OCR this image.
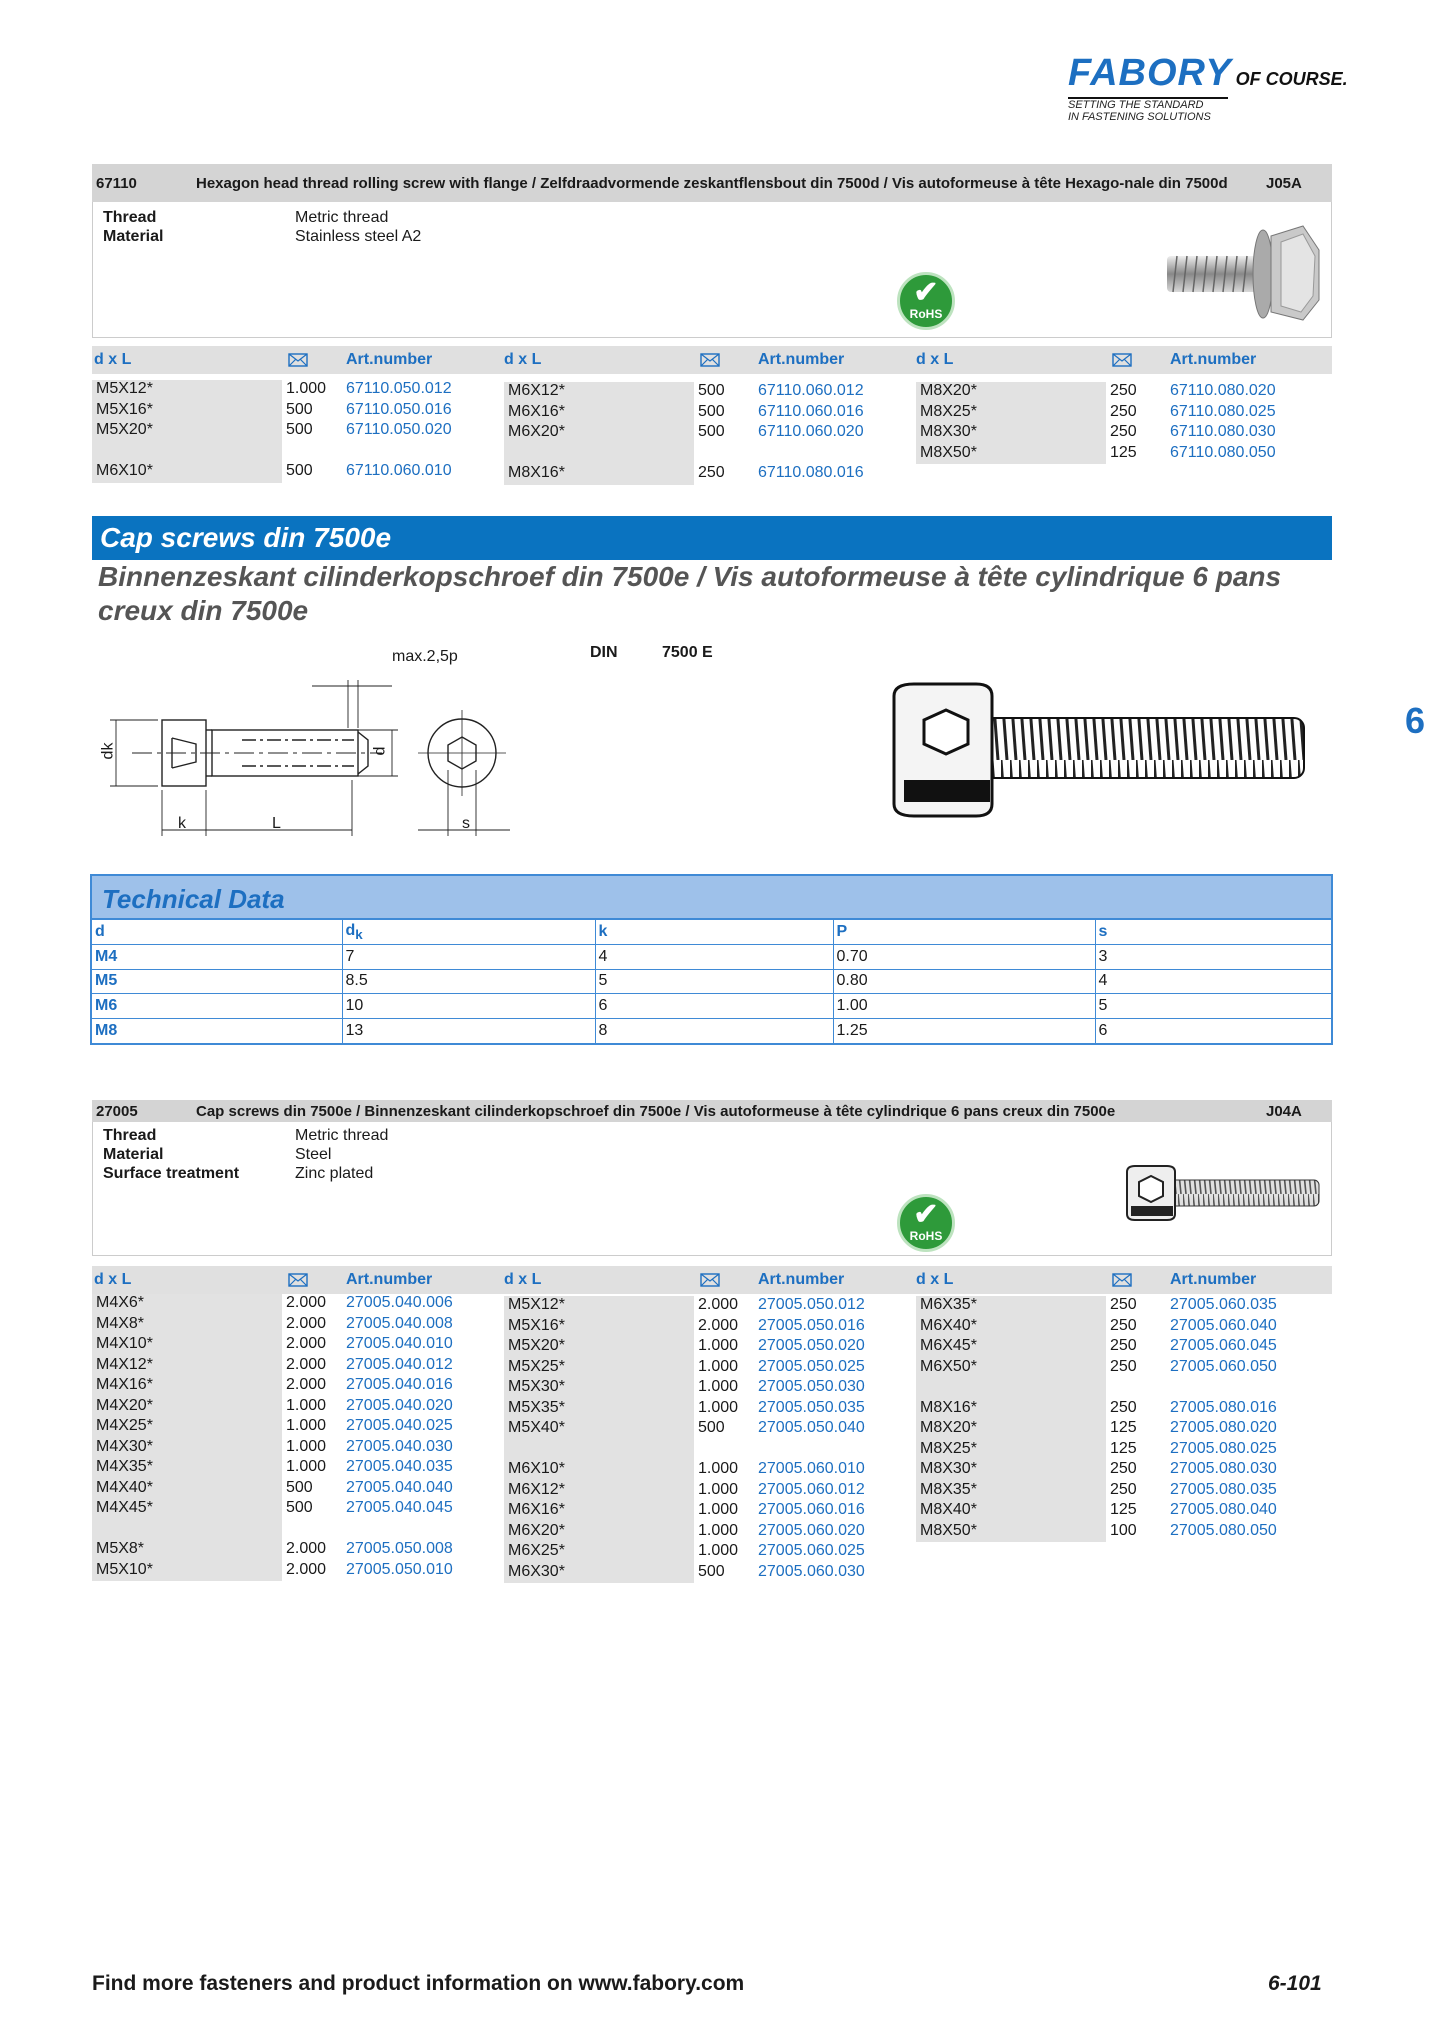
FABORY OF COURSE.
SETTING THE STANDARD
IN FASTENING SOLUTIONS
6
67110	Hexagon head thread rolling screw with flange / Zelfdraadvormende zeskantflensbout din 7500d / Vis autoformeuse à tête Hexago-nale din 7500d	J05A
Thread	Metric thread
Material	Stainless steel A2
✔
RoHS
d x L	Art.number	d x L	Art.number	d x L	Art.number
M5X12*	1.000 67110.050.012
M5X16*	500 67110.050.016
M5X20*	500 67110.050.020
M6X10*	500 67110.060.010
M6X12*	500 67110.060.012
M6X16*	500 67110.060.016
M6X20*	500 67110.060.020
M8X16*	250 67110.080.016
M8X20*	250 67110.080.020
M8X25*	250 67110.080.025
M8X30*	250 67110.080.030
M8X50*	125 67110.080.050
Cap screws din 7500e
Binnenzeskant cilinderkopschroef din 7500e / Vis autoformeuse à tête cylindrique 6 pans creux din 7500e
DIN	7500 E
max.2,5p
dk	d
k	L	s
Technical Data
d	$d_k$	k	P	s
M4	7	4	0.70	3
M5	8.5	5	0.80	4
M6	10	6	1.00	5
M8	13	8	1.25	6
27005	Cap screws din 7500e / Binnenzeskant cilinderkopschroef din 7500e / Vis autoformeuse à tête cylindrique 6 pans creux din 7500e	J04A
Thread	Metric thread
Material	Steel
Surface treatment	Zinc plated
✔
RoHS
d x L	Art.number	d x L	Art.number	d x L	Art.number
M4X6*	2.000 27005.040.006
M4X8*	2.000 27005.040.008
M4X10*	2.000 27005.040.010
M4X12*	2.000 27005.040.012
M4X16*	2.000 27005.040.016
M4X20*	1.000 27005.040.020
M4X25*	1.000 27005.040.025
M4X30*	1.000 27005.040.030
M4X35*	1.000 27005.040.035
M4X40*	500 27005.040.040
M4X45*	500 27005.040.045
M5X8*	2.000 27005.050.008
M5X10*	2.000 27005.050.010
M5X12*	2.000 27005.050.012
M5X16*	2.000 27005.050.016
M5X20*	1.000 27005.050.020
M5X25*	1.000 27005.050.025
M5X30*	1.000 27005.050.030
M5X35*	1.000 27005.050.035
M5X40*	500 27005.050.040
M6X10*	1.000 27005.060.010
M6X12*	1.000 27005.060.012
M6X16*	1.000 27005.060.016
M6X20*	1.000 27005.060.020
M6X25*	1.000 27005.060.025
M6X30*	500 27005.060.030
M6X35*	250 27005.060.035
M6X40*	250 27005.060.040
M6X45*	250 27005.060.045
M6X50*	250 27005.060.050
M8X16*	250 27005.080.016
M8X20*	125 27005.080.020
M8X25*	125 27005.080.025
M8X30*	250 27005.080.030
M8X35*	250 27005.080.035
M8X40*	125 27005.080.040
M8X50*	100 27005.080.050
Find more fasteners and product information on www.fabory.com	6-101
